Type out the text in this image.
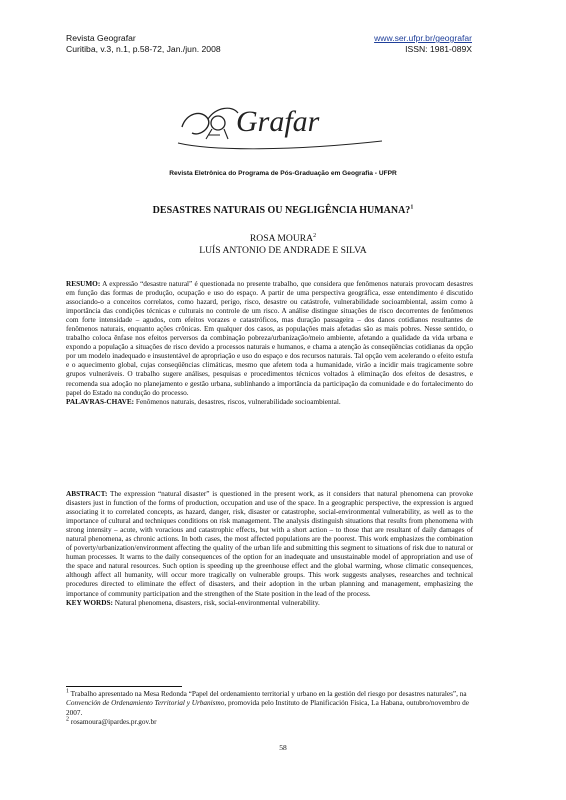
Revista Geografar
Curitiba, v.3, n.1, p.58-72, Jan./jun. 2008
www.ser.ufpr.br/geografar
ISSN: 1981-089X
Grafar
Revista Eletrônica do Programa de Pós-Graduação em Geografia - UFPR
DESASTRES NATURAIS OU NEGLIGÊNCIA HUMANA?$^1$
ROSA MOURA$^2$
LUÍS ANTONIO DE ANDRADE E SILVA
RESUMO: A expressão “desastre natural” é questionada no presente trabalho, que considera que fenômenos naturais provocam desastres em função das formas de produção, ocupação e uso do espaço. A partir de uma perspectiva geográfica, esse entendimento é discutido associando-o a conceitos correlatos, como hazard, perigo, risco, desastre ou catástrofe, vulnerabilidade socioambiental, assim como à importância das condições técnicas e culturais no controle de um risco. A análise distingue situações de risco decorrentes de fenômenos com forte intensidade – agudos, com efeitos vorazes e catastróficos, mas duração passageira – dos danos cotidianos resultantes de fenômenos naturais, enquanto ações crônicas. Em qualquer dos casos, as populações mais afetadas são as mais pobres. Nesse sentido, o trabalho coloca ênfase nos efeitos perversos da combinação pobreza/urbanização/meio ambiente, afetando a qualidade da vida urbana e expondo a população a situações de risco devido a processos naturais e humanos, e chama a atenção às conseqüências cotidianas da opção por um modelo inadequado e insustentável de apropriação e uso do espaço e dos recursos naturais. Tal opção vem acelerando o efeito estufa e o aquecimento global, cujas conseqüências climáticas, mesmo que afetem toda a humanidade, virão a incidir mais tragicamente sobre grupos vulneráveis. O trabalho sugere análises, pesquisas e procedimentos técnicos voltados à eliminação dos efeitos de desastres, e recomenda sua adoção no planejamento e gestão urbana, sublinhando a importância da participação da comunidade e do fortalecimento do papel do Estado na condução do processo.
PALAVRAS-CHAVE: Fenômenos naturais, desastres, riscos, vulnerabilidade socioambiental.
ABSTRACT: The expression “natural disaster” is questioned in the present work, as it considers that natural phenomena can provoke disasters just in function of the forms of production, occupation and use of the space. In a geographic perspective, the expression is argued associating it to correlated concepts, as hazard, danger, risk, disaster or catastrophe, social-environmental vulnerability, as well as to the importance of cultural and techniques conditions on risk management. The analysis distinguish situations that results from phenomena with strong intensity – acute, with voracious and catastrophic effects, but with a short action – to those that are resultant of daily damages of natural phenomena, as chronic actions. In both cases, the most affected populations are the poorest. This work emphasizes the combination of poverty/urbanization/environment affecting the quality of the urban life and submitting this segment to situations of risk due to natural or human processes. It warns to the daily consequences of the option for an inadequate and unsustainable model of appropriation and use of the space and natural resources. Such option is speeding up the greenhouse effect and the global warming, whose climatic consequences, although affect all humanity, will occur more tragically on vulnerable groups. This work suggests analyses, researches and technical procedures directed to eliminate the effect of disasters, and their adoption in the urban planning and management, emphasizing the importance of community participation and the strengthen of the State position in the lead of the process.
KEY WORDS: Natural phenomena, disasters, risk, social-environmental vulnerability.
$^1$ Trabalho apresentado na Mesa Redonda “Papel del ordenamiento territorial y urbano en la gestión del riesgo por desastres naturales”, na Convención de Ordenamiento Territorial y Urbanismo, promovida pelo Instituto de Planificación Física, La Habana, outubro/novembro de 2007.
$^2$ rosamoura@ipardes.pr.gov.br
58
